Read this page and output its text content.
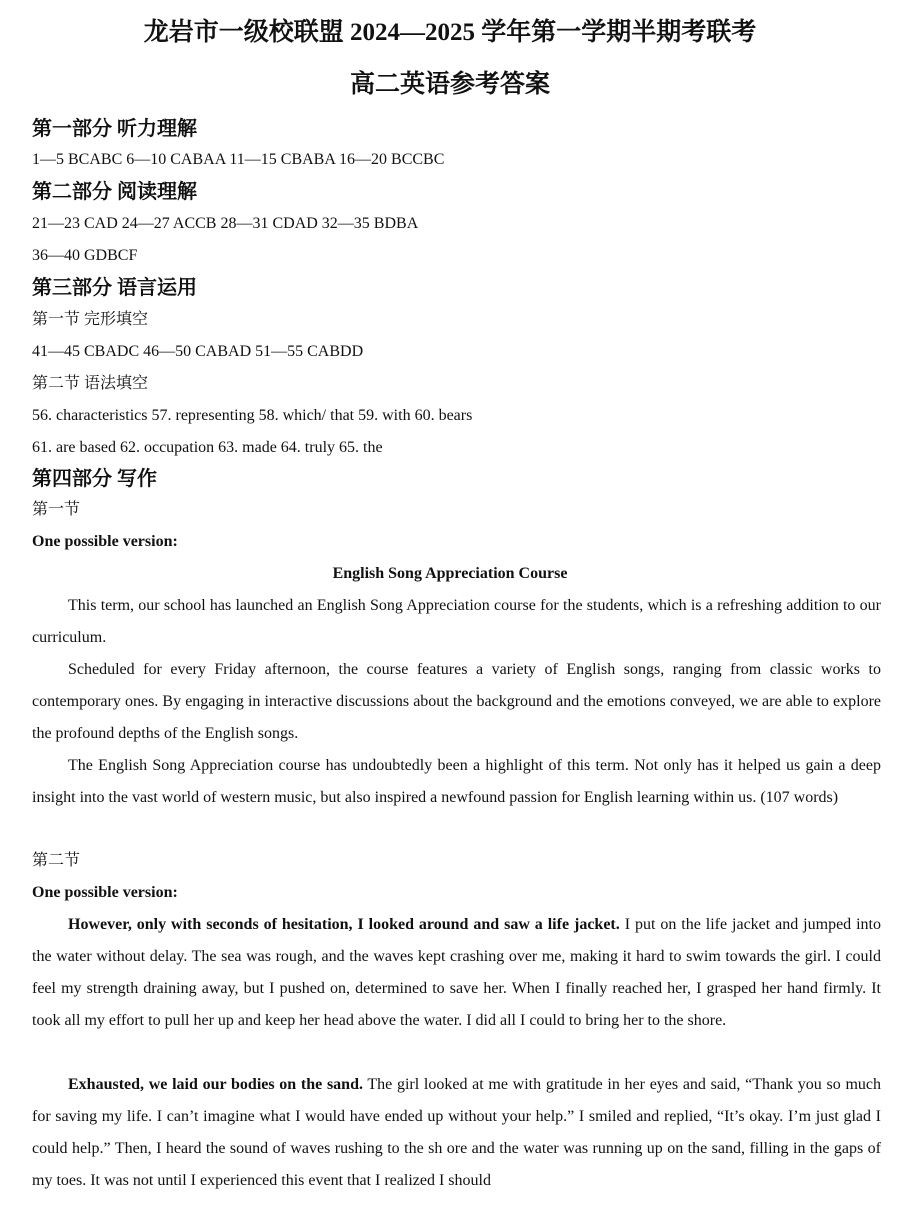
龙岩市一级校联盟 2024—2025 学年第一学期半期考联考
高二英语参考答案
第一部分 听力理解
1—5 BCABC 6—10 CABAA 11—15 CBABA 16—20 BCCBC
第二部分 阅读理解
21—23 CAD 24—27 ACCB 28—31 CDAD 32—35 BDBA
36—40 GDBCF
第三部分 语言运用
第一节 完形填空
41—45 CBADC 46—50 CABAD 51—55 CABDD
第二节 语法填空
56. characteristics 57. representing 58. which/ that 59. with 60. bears
61. are based 62. occupation 63. made 64. truly 65. the
第四部分 写作
第一节
One possible version:
English Song Appreciation Course
This term, our school has launched an English Song Appreciation course for the students, which is a refreshing addition to our curriculum.
Scheduled for every Friday afternoon, the course features a variety of English songs, ranging from classic works to contemporary ones. By engaging in interactive discussions about the background and the emotions conveyed, we are able to explore the profound depths of the English songs.
The English Song Appreciation course has undoubtedly been a highlight of this term. Not only has it helped us gain a deep insight into the vast world of western music, but also inspired a newfound passion for English learning within us. (107 words)
第二节
One possible version:
However, only with seconds of hesitation, I looked around and saw a life jacket. I put on the life jacket and jumped into the water without delay. The sea was rough, and the waves kept crashing over me, making it hard to swim towards the girl. I could feel my strength draining away, but I pushed on, determined to save her. When I finally reached her, I grasped her hand firmly. It took all my effort to pull her up and keep her head above the water. I did all I could to bring her to the shore.
Exhausted, we laid our bodies on the sand. The girl looked at me with gratitude in her eyes and said, “Thank you so much for saving my life. I can’t imagine what I would have ended up without your help.” I smiled and replied, “It’s okay. I’m just glad I could help.” Then, I heard the sound of waves rushing to the sh ore and the water was running up on the sand, filling in the gaps of my toes. It was not until I experienced this event that I realized I should
